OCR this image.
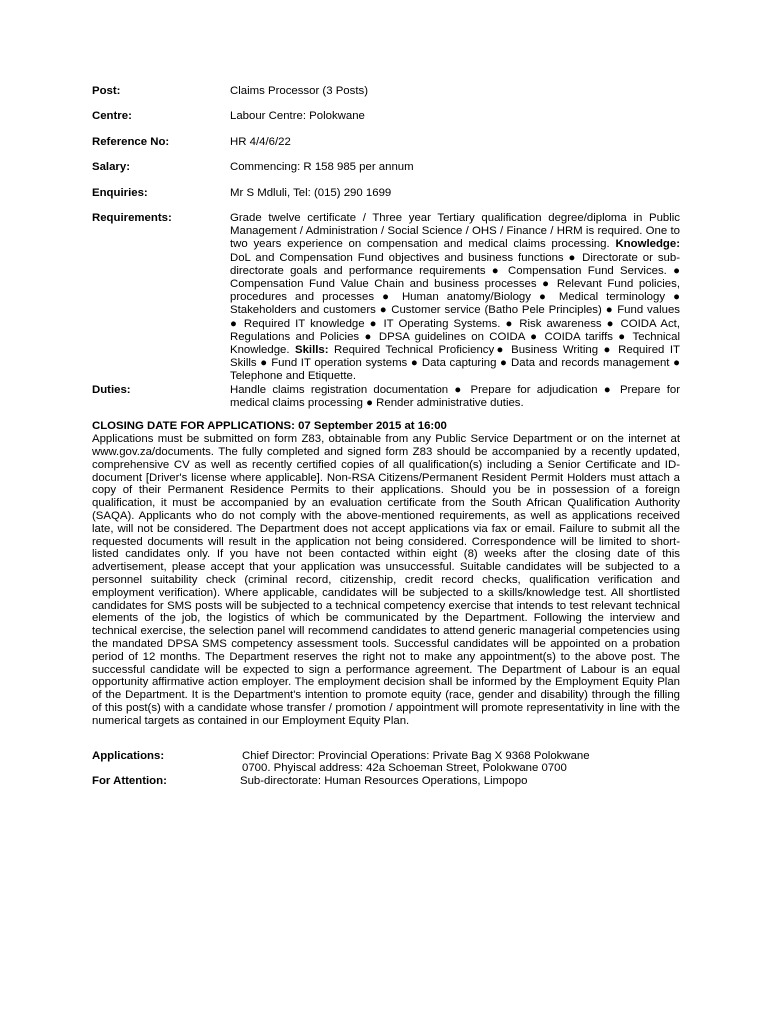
Post:	Claims Processor (3 Posts)
Centre:	Labour Centre: Polokwane
Reference No:	HR 4/4/6/22
Salary:	Commencing: R 158 985 per annum
Enquiries:	Mr S Mdluli, Tel: (015) 290 1699
Requirements:	Grade twelve certificate / Three year Tertiary qualification degree/diploma in Public Management / Administration / Social Science / OHS / Finance / HRM is required. One to two years experience on compensation and medical claims processing. Knowledge: DoL and Compensation Fund objectives and business functions ● Directorate or sub-directorate goals and performance requirements ● Compensation Fund Services. ● Compensation Fund Value Chain and business processes ● Relevant Fund policies, procedures and processes ● Human anatomy/Biology ● Medical terminology ● Stakeholders and customers ● Customer service (Batho Pele Principles) ● Fund values ● Required IT knowledge ● IT Operating Systems. ● Risk awareness ● COIDA Act, Regulations and Policies ● DPSA guidelines on COIDA ● COIDA tariffs ● Technical Knowledge. Skills: Required Technical Proficiency● Business Writing ● Required IT Skills ● Fund IT operation systems ● Data capturing ● Data and records management ● Telephone and Etiquette.
Duties:	Handle claims registration documentation ● Prepare for adjudication ● Prepare for medical claims processing ● Render administrative duties.
CLOSING DATE FOR APPLICATIONS: 07 September 2015 at 16:00
Applications must be submitted on form Z83, obtainable from any Public Service Department or on the internet at www.gov.za/documents. The fully completed and signed form Z83 should be accompanied by a recently updated, comprehensive CV as well as recently certified copies of all qualification(s) including a Senior Certificate and ID-document [Driver's license where applicable]. Non-RSA Citizens/Permanent Resident Permit Holders must attach a copy of their Permanent Residence Permits to their applications. Should you be in possession of a foreign qualification, it must be accompanied by an evaluation certificate from the South African Qualification Authority (SAQA). Applicants who do not comply with the above-mentioned requirements, as well as applications received late, will not be considered. The Department does not accept applications via fax or email. Failure to submit all the requested documents will result in the application not being considered. Correspondence will be limited to short-listed candidates only. If you have not been contacted within eight (8) weeks after the closing date of this advertisement, please accept that your application was unsuccessful. Suitable candidates will be subjected to a personnel suitability check (criminal record, citizenship, credit record checks, qualification verification and employment verification). Where applicable, candidates will be subjected to a skills/knowledge test. All shortlisted candidates for SMS posts will be subjected to a technical competency exercise that intends to test relevant technical elements of the job, the logistics of which be communicated by the Department. Following the interview and technical exercise, the selection panel will recommend candidates to attend generic managerial competencies using the mandated DPSA SMS competency assessment tools. Successful candidates will be appointed on a probation period of 12 months. The Department reserves the right not to make any appointment(s) to the above post. The successful candidate will be expected to sign a performance agreement. The Department of Labour is an equal opportunity affirmative action employer. The employment decision shall be informed by the Employment Equity Plan of the Department. It is the Department's intention to promote equity (race, gender and disability) through the filling of this post(s) with a candidate whose transfer / promotion / appointment will promote representativity in line with the numerical targets as contained in our Employment Equity Plan.
Applications:	Chief Director: Provincial Operations: Private Bag X 9368 Polokwane
0700. Phyiscal address: 42a Schoeman Street, Polokwane 0700
For Attention:	Sub-directorate: Human Resources Operations, Limpopo
